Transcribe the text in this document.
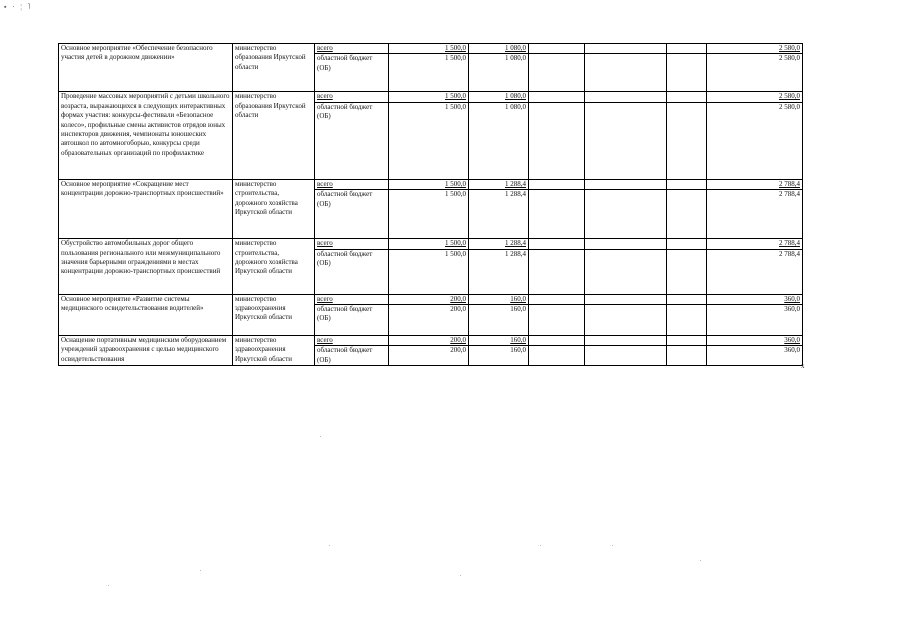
▪ · ¦ ˥
Основное мероприятие «Обеспечение безопасного участия детей в дорожном движении»	министерство образования Иркутской области	всего	1 500,0	1 080,0				2 580,0
		областной бюджет (ОБ)	1 500,0	1 080,0				2 580,0
Проведение массовых мероприятий с детьми школьного возраста, выражающихся в следующих интерактивных формах участия: конкурсы-фестивали «Безопасное колесо», профильные смены активистов отрядов юных инспекторов движения, чемпионаты юношеских автошкол по автомногоборью, конкурсы среди образовательных организаций по профилактике	министерство образования Иркутской области	всего	1 500,0	1 080,0				2 580,0
		областной бюджет (ОБ)	1 500,0	1 080,0				2 580,0
Основное мероприятие «Сокращение мест концентрации дорожно-транспортных происшествий»	министерство строительства, дорожного хозяйства Иркутской области	всего	1 500,0	1 288,4				2 788,4
		областной бюджет (ОБ)	1 500,0	1 288,4				2 788,4
Обустройство автомобильных дорог общего пользования регионального или межмуниципального значения барьерными ограждениями в местах концентрации дорожно-транспортных происшествий	министерство строительства, дорожного хозяйства Иркутской области	всего	1 500,0	1 288,4				2 788,4
		областной бюджет (ОБ)	1 500,0	1 288,4				2 788,4
Основное мероприятие «Развитие системы медицинского освидетельствования водителей»	министерство здравоохранения Иркутской области	всего	200,0	160,0				360,0
		областной бюджет (ОБ)	200,0	160,0				360,0
Оснащение портативным медицинским оборудованием учреждений здравоохранения с целью медицинского освидетельствования	министерство здравоохранения Иркутской области	всего	200,0	160,0				360,0
		областной бюджет (ОБ)	200,0	160,0				360,0
x
